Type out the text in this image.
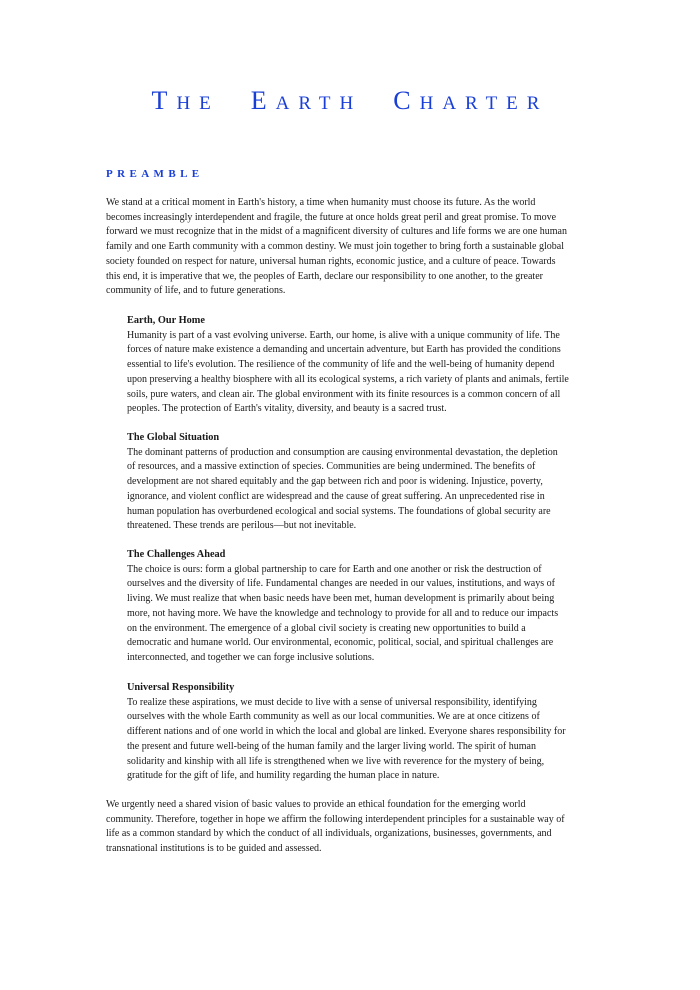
THE EARTH CHARTER
PREAMBLE
We stand at a critical moment in Earth's history, a time when humanity must choose its future. As the world
becomes increasingly interdependent and fragile, the future at once holds great peril and great promise. To move
forward we must recognize that in the midst of a magnificent diversity of cultures and life forms we are one human
family and one Earth community with a common destiny. We must join together to bring forth a sustainable global
society founded on respect for nature, universal human rights, economic justice, and a culture of peace. Towards
this end, it is imperative that we, the peoples of Earth, declare our responsibility to one another, to the greater
community of life, and to future generations.
Earth, Our Home
Humanity is part of a vast evolving universe. Earth, our home, is alive with a unique community of life. The
forces of nature make existence a demanding and uncertain adventure, but Earth has provided the conditions
essential to life's evolution. The resilience of the community of life and the well-being of humanity depend
upon preserving a healthy biosphere with all its ecological systems, a rich variety of plants and animals, fertile
soils, pure waters, and clean air. The global environment with its finite resources is a common concern of all
peoples. The protection of Earth's vitality, diversity, and beauty is a sacred trust.
The Global Situation
The dominant patterns of production and consumption are causing environmental devastation, the depletion
of resources, and a massive extinction of species. Communities are being undermined. The benefits of
development are not shared equitably and the gap between rich and poor is widening. Injustice, poverty,
ignorance, and violent conflict are widespread and the cause of great suffering. An unprecedented rise in
human population has overburdened ecological and social systems. The foundations of global security are
threatened. These trends are perilous—but not inevitable.
The Challenges Ahead
The choice is ours: form a global partnership to care for Earth and one another or risk the destruction of
ourselves and the diversity of life. Fundamental changes are needed in our values, institutions, and ways of
living. We must realize that when basic needs have been met, human development is primarily about being
more, not having more. We have the knowledge and technology to provide for all and to reduce our impacts
on the environment. The emergence of a global civil society is creating new opportunities to build a
democratic and humane world. Our environmental, economic, political, social, and spiritual challenges are
interconnected, and together we can forge inclusive solutions.
Universal Responsibility
To realize these aspirations, we must decide to live with a sense of universal responsibility, identifying
ourselves with the whole Earth community as well as our local communities. We are at once citizens of
different nations and of one world in which the local and global are linked. Everyone shares responsibility for
the present and future well-being of the human family and the larger living world. The spirit of human
solidarity and kinship with all life is strengthened when we live with reverence for the mystery of being,
gratitude for the gift of life, and humility regarding the human place in nature.
We urgently need a shared vision of basic values to provide an ethical foundation for the emerging world
community. Therefore, together in hope we affirm the following interdependent principles for a sustainable way of
life as a common standard by which the conduct of all individuals, organizations, businesses, governments, and
transnational institutions is to be guided and assessed.
